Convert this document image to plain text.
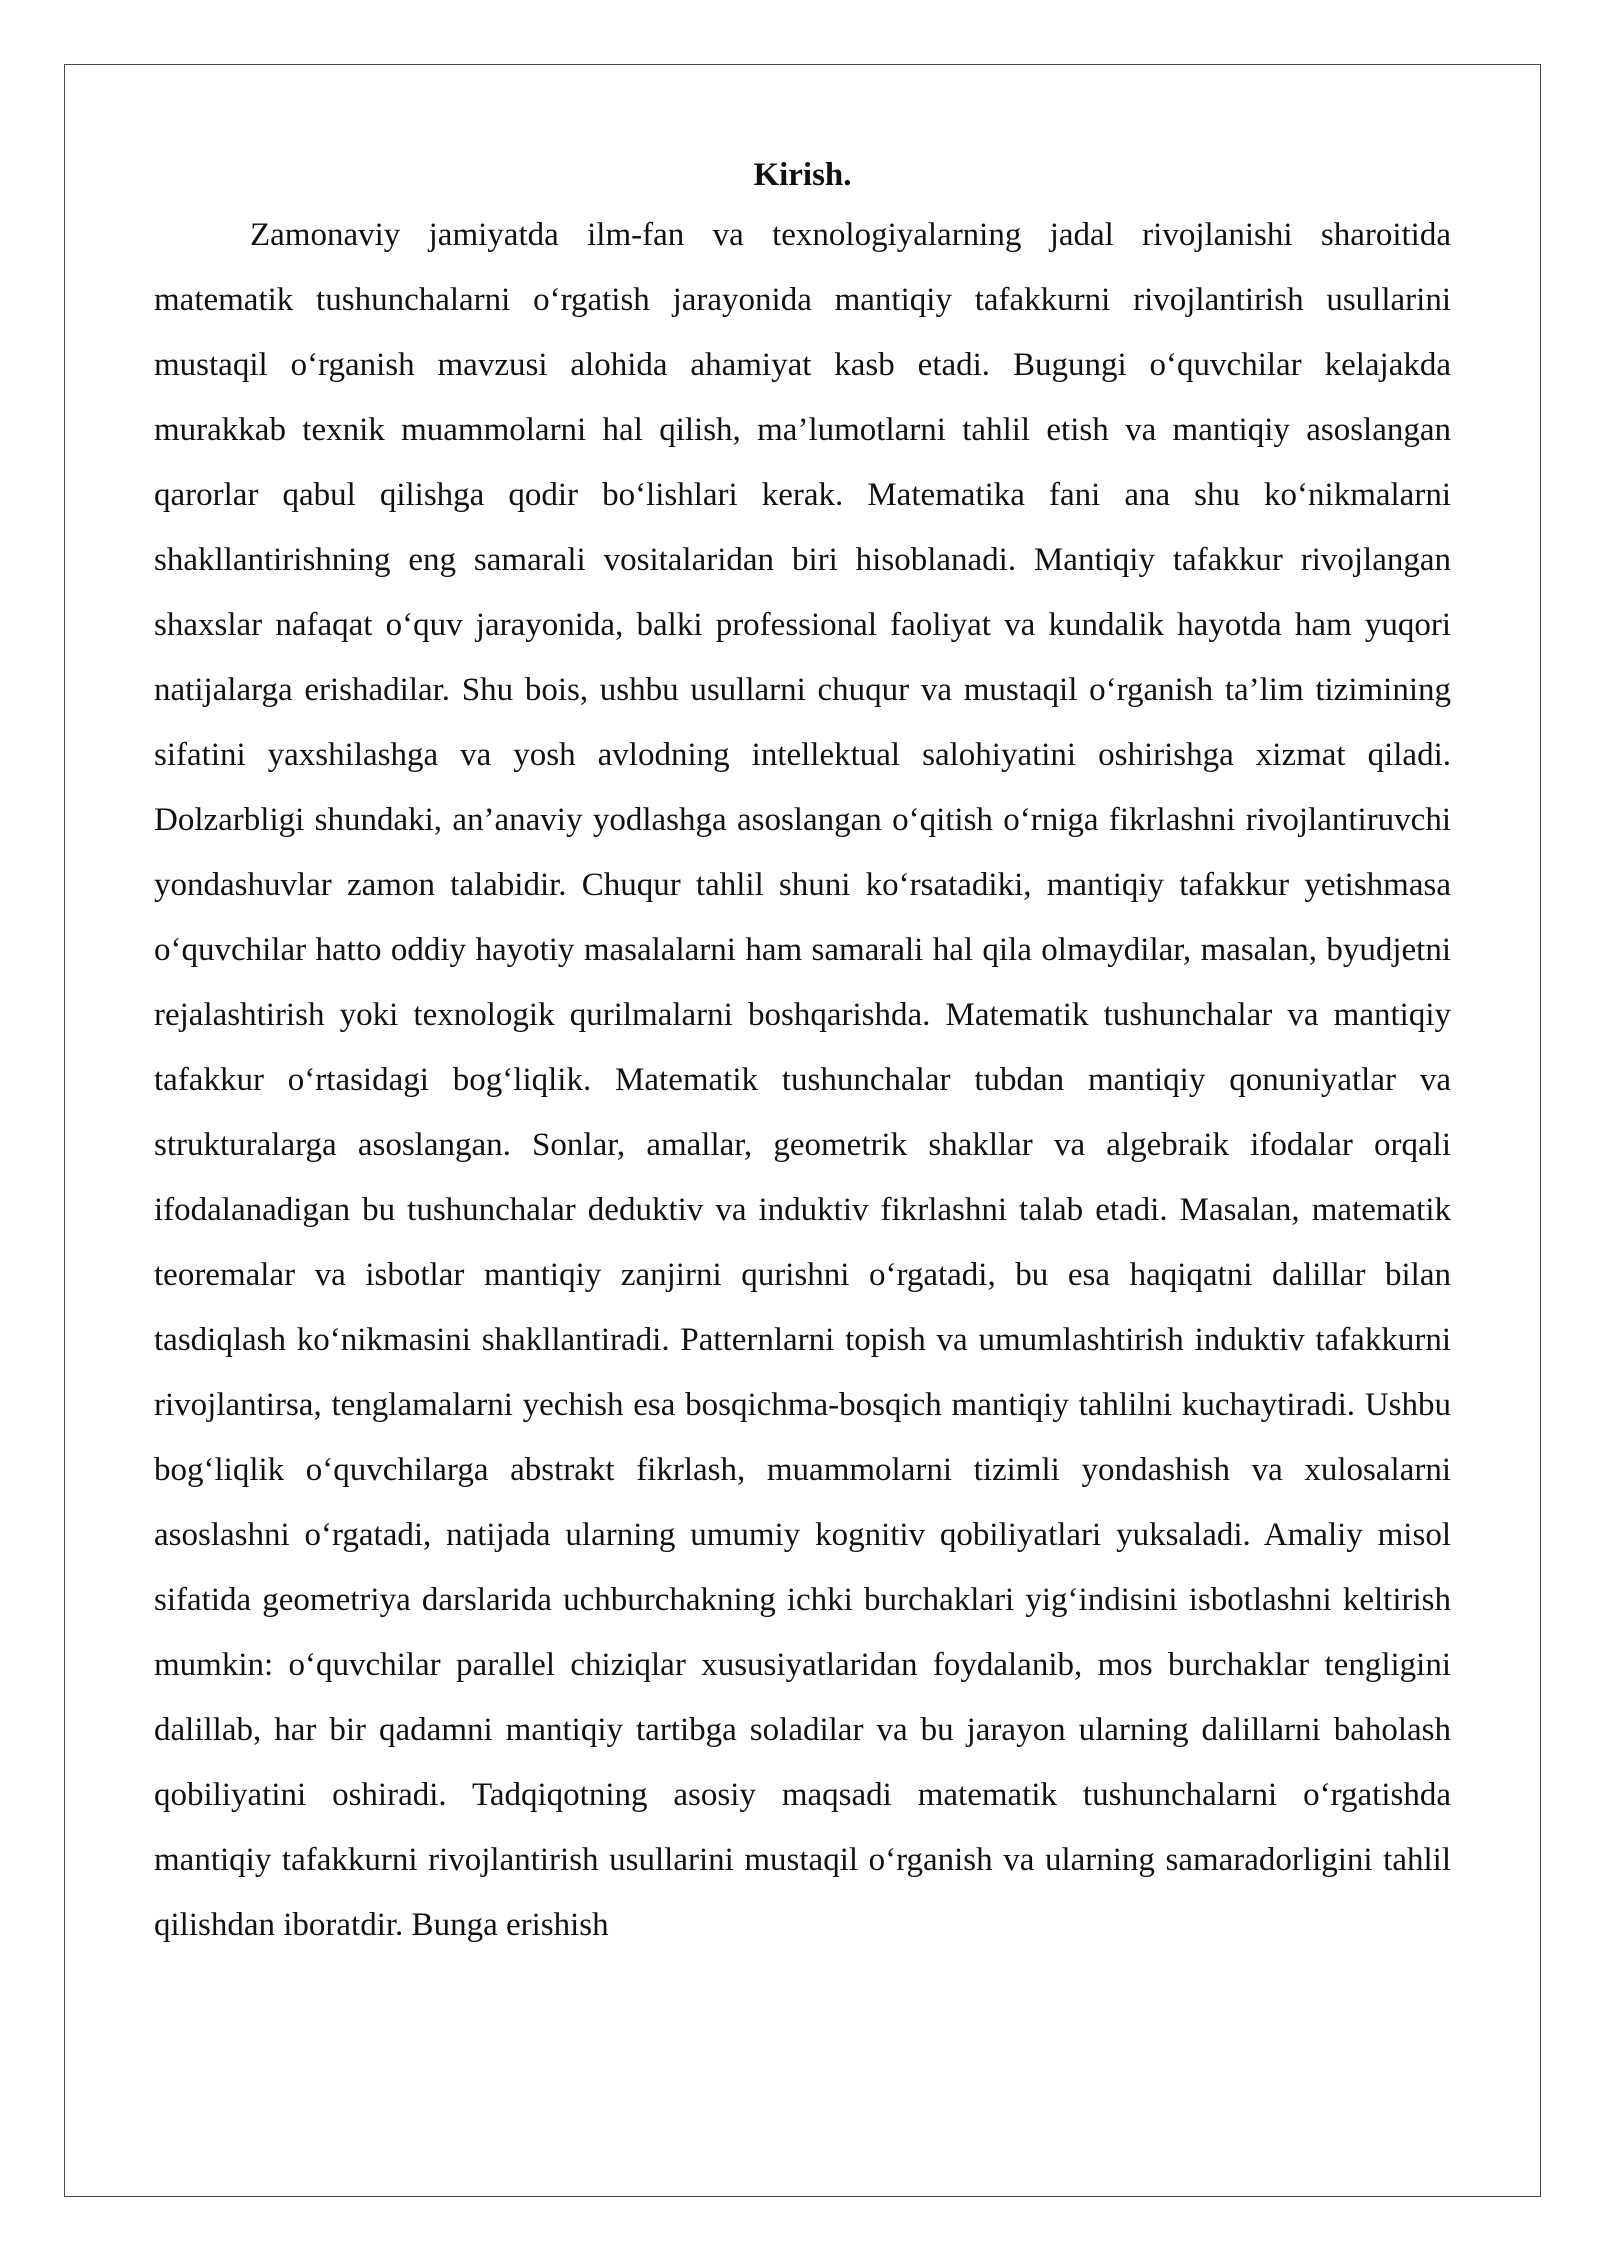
Kirish.

Zamonaviy jamiyatda ilm-fan va texnologiyalarning jadal rivojlanishi sharoitida matematik tushunchalarni o‘rgatish jarayonida mantiqiy tafakkurni rivojlantirish usullarini mustaqil o‘rganish mavzusi alohida ahamiyat kasb etadi. Bugungi o‘quvchilar kelajakda murakkab texnik muammolarni hal qilish, ma’lumotlarni tahlil etish va mantiqiy asoslangan qarorlar qabul qilishga qodir bo‘lishlari kerak. Matematika fani ana shu ko‘nikmalarni shakllantirishning eng samarali vositalaridan biri hisoblanadi. Mantiqiy tafakkur rivojlangan shaxslar nafaqat o‘quv jarayonida, balki professional faoliyat va kundalik hayotda ham yuqori natijalarga erishadilar. Shu bois, ushbu usullarni chuqur va mustaqil o‘rganish ta’lim tizimining sifatini yaxshilashga va yosh avlodning intellektual salohiyatini oshirishga xizmat qiladi. Dolzarbligi shundaki, an’anaviy yodlashga asoslangan o‘qitish o‘rniga fikrlashni rivojlantiruvchi yondashuvlar zamon talabidir. Chuqur tahlil shuni ko‘rsatadiki, mantiqiy tafakkur yetishmasa o‘quvchilar hatto oddiy hayotiy masalalarni ham samarali hal qila olmaydilar, masalan, byudjetni rejalashtirish yoki texnologik qurilmalarni boshqarishda. Matematik tushunchalar va mantiqiy tafakkur o‘rtasidagi bog‘liqlik. Matematik tushunchalar tubdan mantiqiy qonuniyatlar va strukturalarga asoslangan. Sonlar, amallar, geometrik shakllar va algebraik ifodalar orqali ifodalanadigan bu tushunchalar deduktiv va induktiv fikrlashni talab etadi. Masalan, matematik teoremalar va isbotlar mantiqiy zanjirni qurishni o‘rgatadi, bu esa haqiqatni dalillar bilan tasdiqlash ko‘nikmasini shakllantiradi. Patternlarni topish va umumlashtirish induktiv tafakkurni rivojlantirsa, tenglamalarni yechish esa bosqichma-bosqich mantiqiy tahlilni kuchaytiradi. Ushbu bog‘liqlik o‘quvchilarga abstrakt fikrlash, muammolarni tizimli yondashish va xulosalarni asoslashni o‘rgatadi, natijada ularning umumiy kognitiv qobiliyatlari yuksaladi. Amaliy misol sifatida geometriya darslarida uchburchakning ichki burchaklari yig‘indisini isbotlashni keltirish mumkin: o‘quvchilar parallel chiziqlar xususiyatlaridan foydalanib, mos burchaklar tengligini dalillab, har bir qadamni mantiqiy tartibga soladilar va bu jarayon ularning dalillarni baholash qobiliyatini oshiradi. Tadqiqotning asosiy maqsadi matematik tushunchalarni o‘rgatishda mantiqiy tafakkurni rivojlantirish usullarini mustaqil o‘rganish va ularning samaradorligini tahlil qilishdan iboratdir. Bunga erishish
